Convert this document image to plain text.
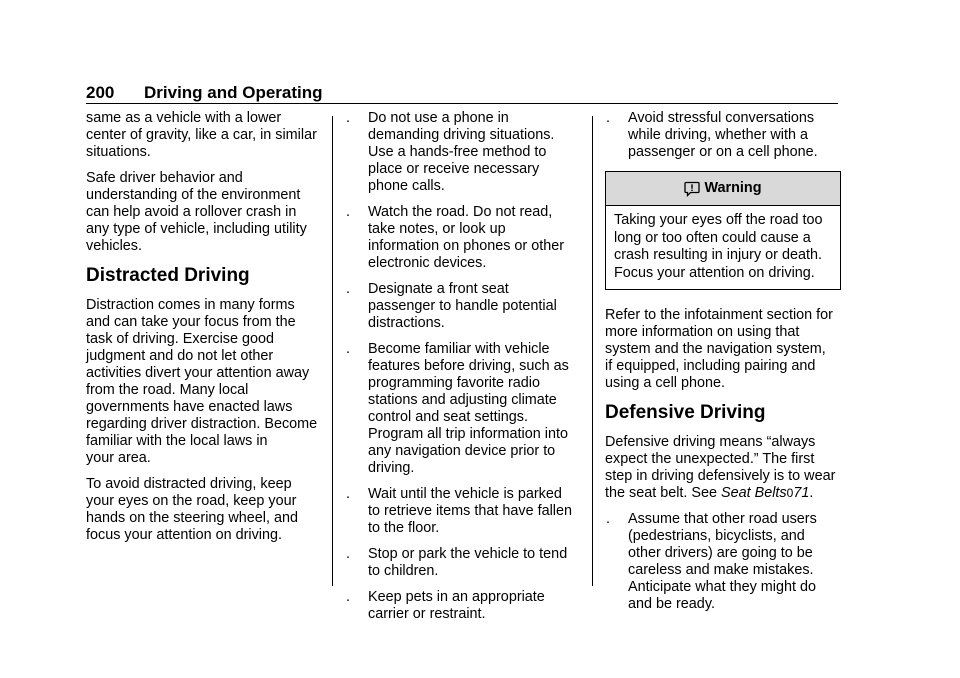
200 Driving and Operating

same as a vehicle with a lower
center of gravity, like a car, in similar
situations.

Safe driver behavior and
understanding of the environment
can help avoid a rollover crash in
any type of vehicle, including utility
vehicles.

Distracted Driving

Distraction comes in many forms
and can take your focus from the
task of driving. Exercise good
judgment and do not let other
activities divert your attention away
from the road. Many local
governments have enacted laws
regarding driver distraction. Become
familiar with the local laws in
your area.

To avoid distracted driving, keep
your eyes on the road, keep your
hands on the steering wheel, and
focus your attention on driving.

. Do not use a phone in
demanding driving situations.
Use a hands-free method to
place or receive necessary
phone calls.
. Watch the road. Do not read,
take notes, or look up
information on phones or other
electronic devices.
. Designate a front seat
passenger to handle potential
distractions.
. Become familiar with vehicle
features before driving, such as
programming favorite radio
stations and adjusting climate
control and seat settings.
Program all trip information into
any navigation device prior to
driving.
. Wait until the vehicle is parked
to retrieve items that have fallen
to the floor.
. Stop or park the vehicle to tend
to children.
. Keep pets in an appropriate
carrier or restraint.
. Avoid stressful conversations
while driving, whether with a
passenger or on a cell phone.
Warning
Taking your eyes off the road too
long or too often could cause a
crash resulting in injury or death.
Focus your attention on driving.

Refer to the infotainment section for
more information on using that
system and the navigation system,
if equipped, including pairing and
using a cell phone.

Defensive Driving

Defensive driving means “always
expect the unexpected.” The first
step in driving defensively is to wear
the seat belt. See Seat Belts071.

. Assume that other road users
(pedestrians, bicyclists, and
other drivers) are going to be
careless and make mistakes.
Anticipate what they might do
and be ready.
